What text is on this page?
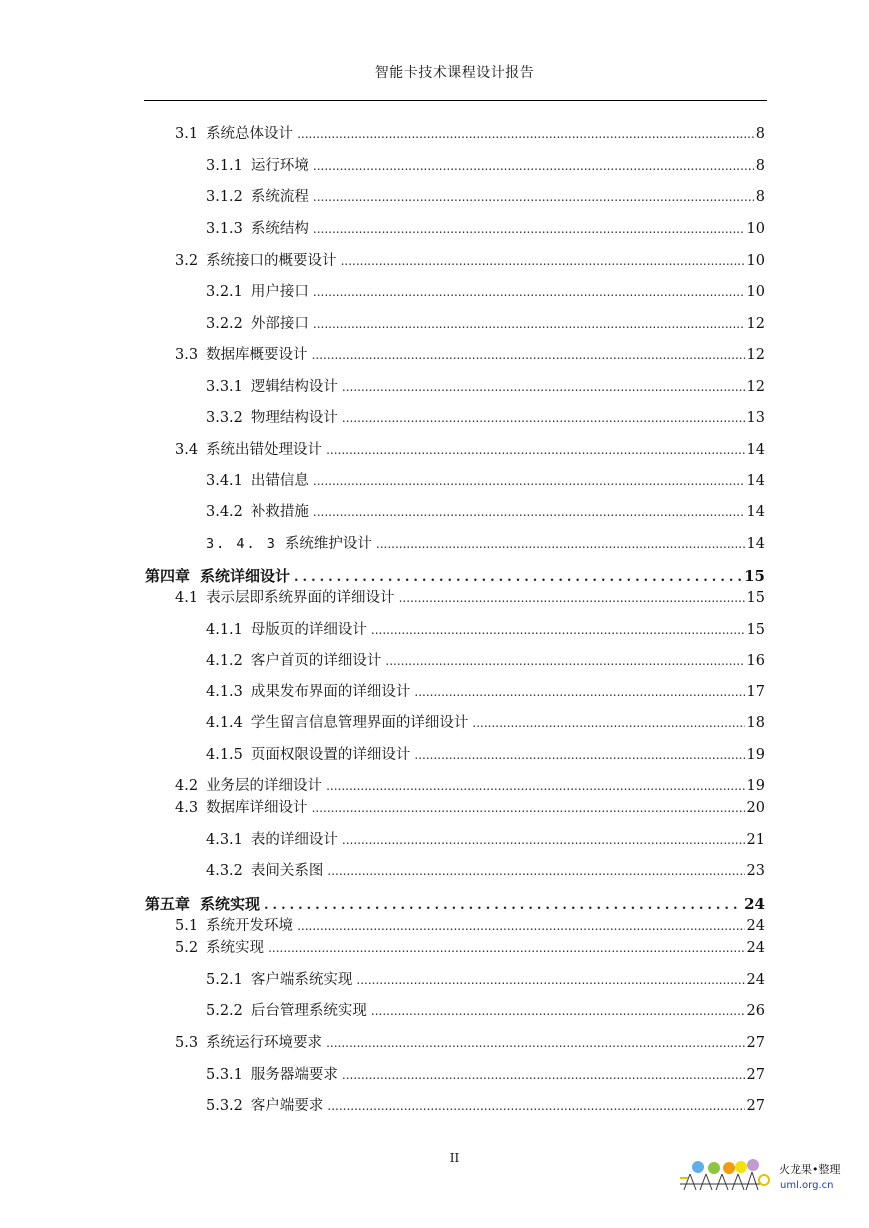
智能卡技术课程设计报告
3.1 系统总体设计 .....	8
3.1.1 运行环境 .....	8
3.1.2 系统流程 .....	8
3.1.3 系统结构 .....	10
3.2 系统接口的概要设计 .....	10
3.2.1 用户接口 .....	10
3.2.2 外部接口 .....	12
3.3 数据库概要设计 .....	12
3.3.1 逻辑结构设计 .....	12
3.3.2 物理结构设计 .....	13
3.4 系统出错处理设计 .....	14
3.4.1 出错信息 .....	14
3.4.2 补救措施 .....	14
3. 4. 3 系统维护设计 .....	14
第四章 系统详细设计 .....	15
4.1 表示层即系统界面的详细设计 .....	15
4.1.1 母版页的详细设计 .....	15
4.1.2 客户首页的详细设计 .....	16
4.1.3 成果发布界面的详细设计 .....	17
4.1.4 学生留言信息管理界面的详细设计 .....	18
4.1.5 页面权限设置的详细设计 .....	19
4.2 业务层的详细设计 .....	19
4.3 数据库详细设计 .....	20
4.3.1 表的详细设计 .....	21
4.3.2 表间关系图 .....	23
第五章 系统实现 .....	24
5.1 系统开发环境 .....	24
5.2 系统实现 .....	24
5.2.1 客户端系统实现 .....	24
5.2.2 后台管理系统实现 .....	26
5.3 系统运行环境要求 .....	27
5.3.1 服务器端要求 .....	27
5.3.2 客户端要求 .....	27
II
火龙果•整理
uml.org.cn
